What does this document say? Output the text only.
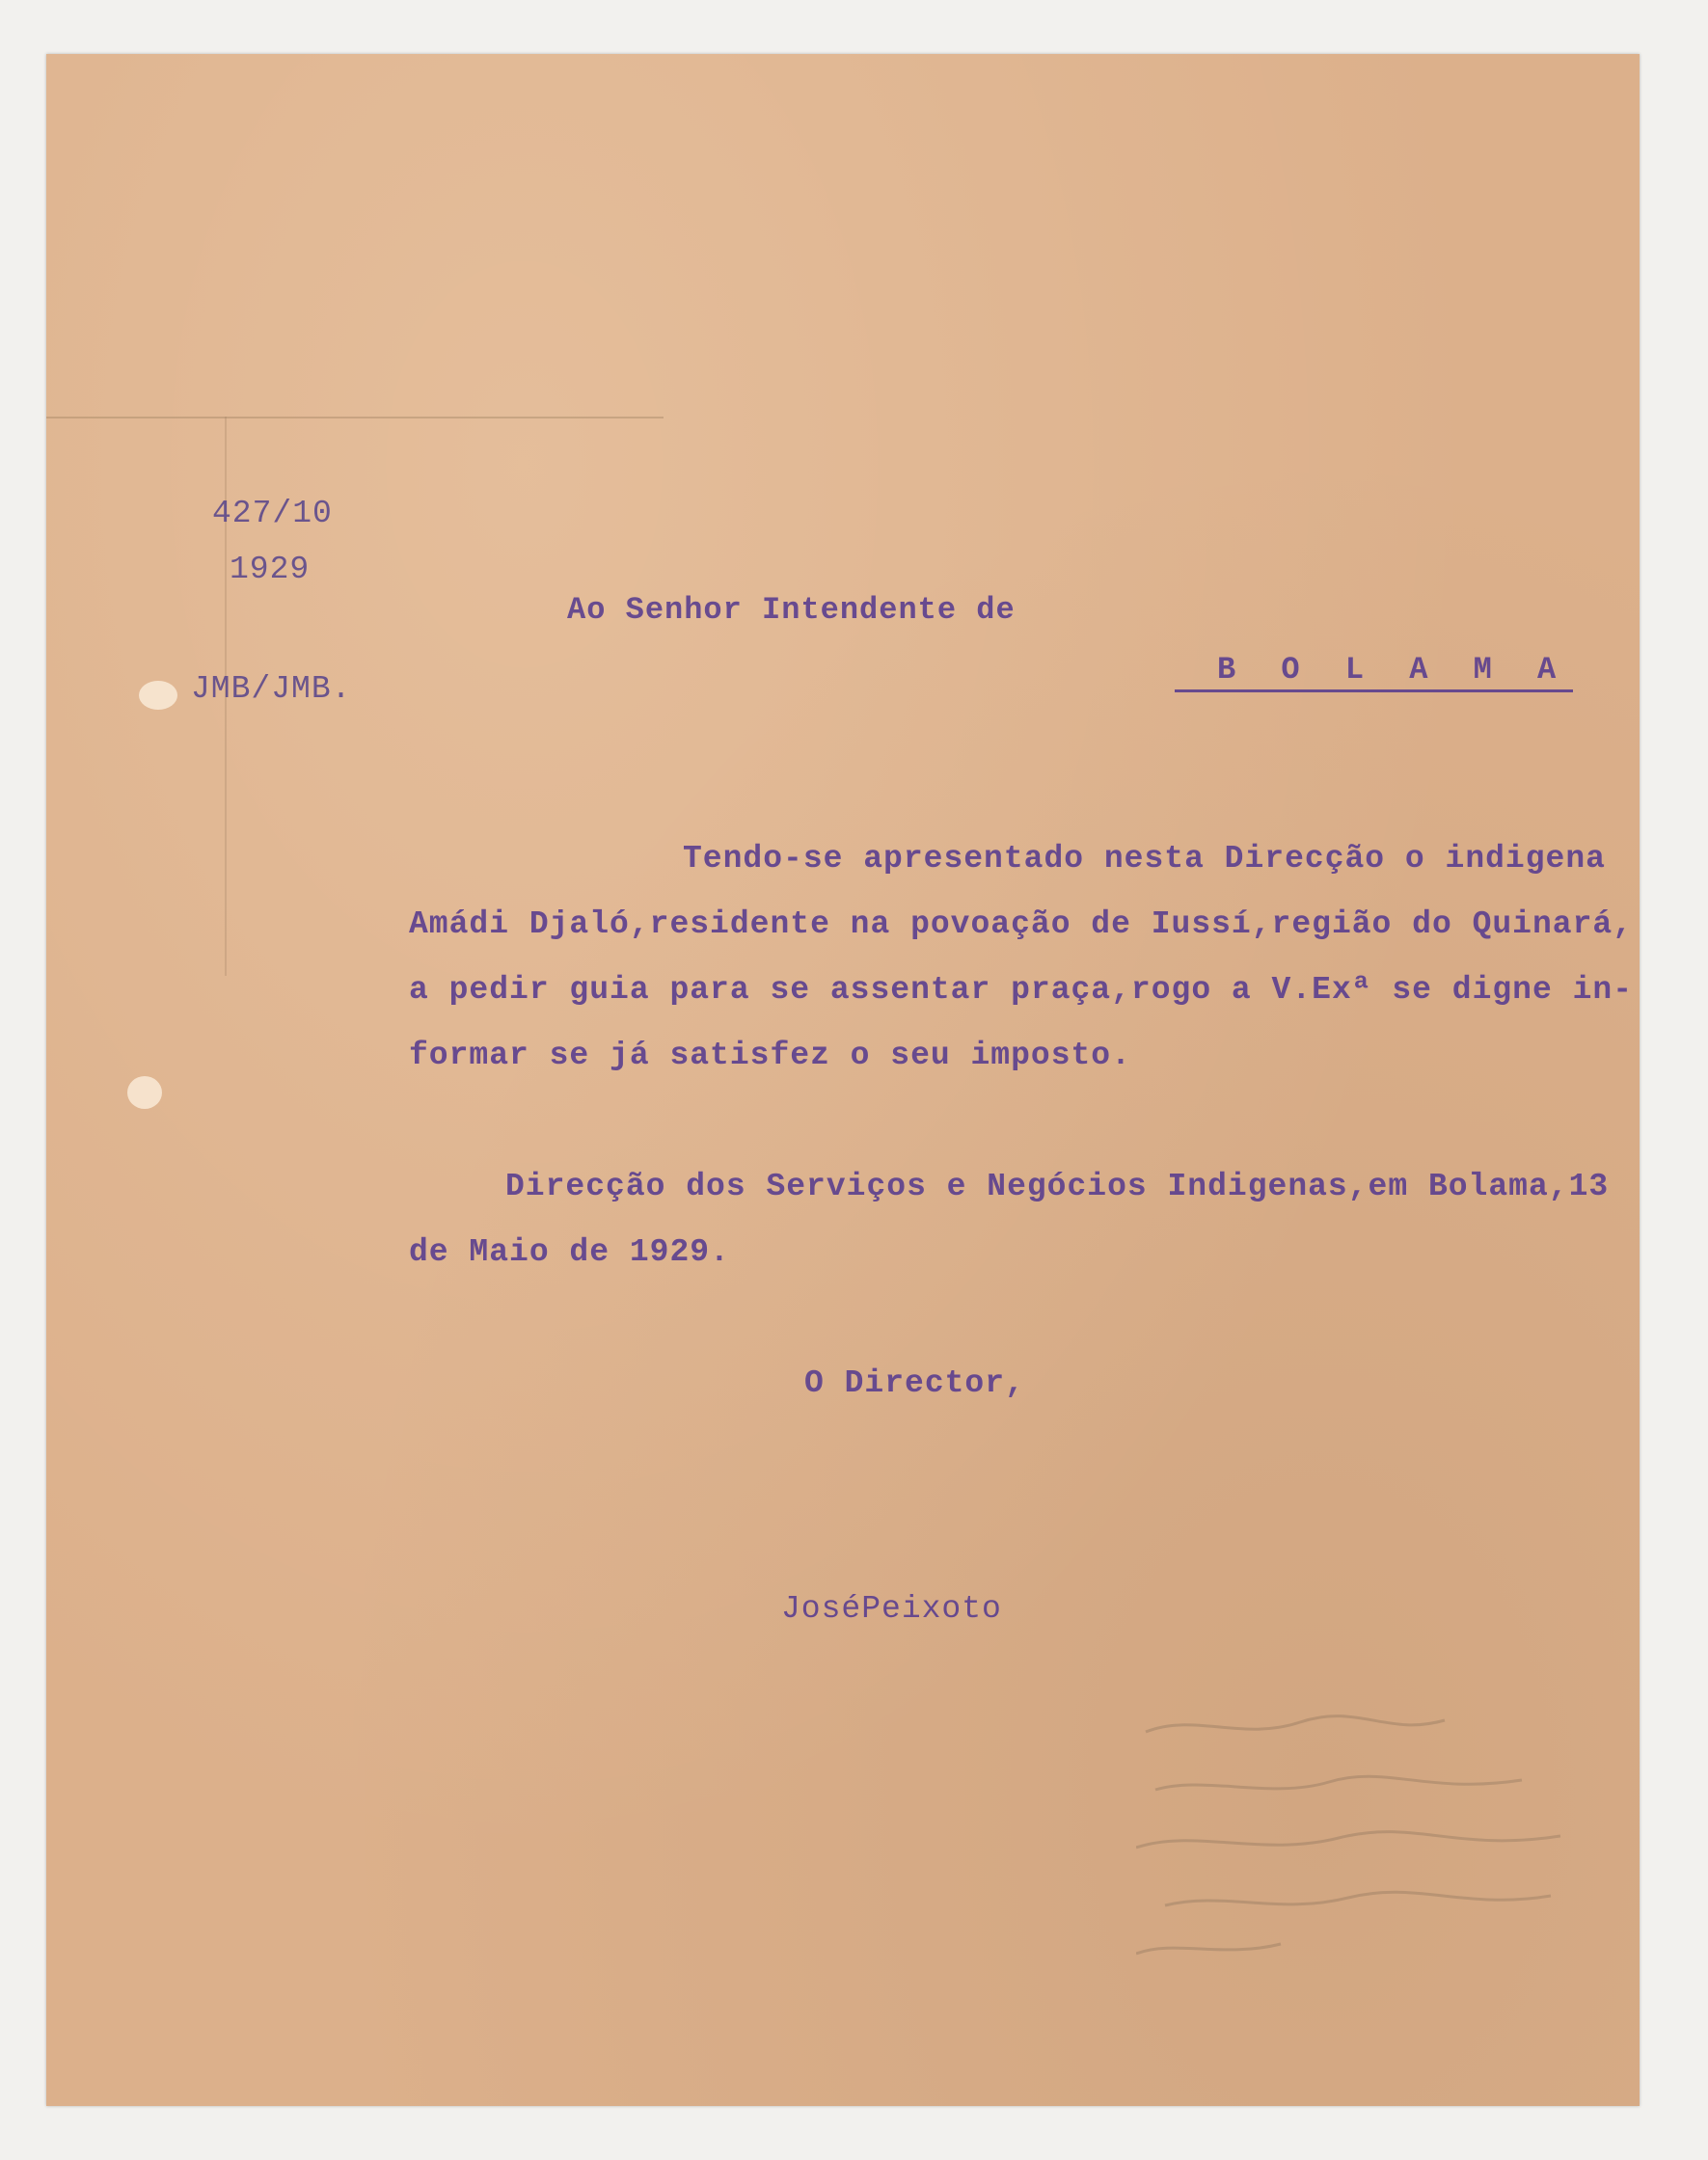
427/10
1929
JMB/JMB.
Ao Senhor Intendente de
B O L A M A
Tendo-se apresentado nesta Direcção o indigena
Amádi Djaló,residente na povoação de Iussí,região do Quinará,
a pedir guia para se assentar praça,rogo a V.Exª se digne in-
formar se já satisfez o seu imposto.
Direcção dos Serviços e Negócios Indigenas,em Bolama,13
de Maio de 1929.
O Director,
JoséPeixoto
